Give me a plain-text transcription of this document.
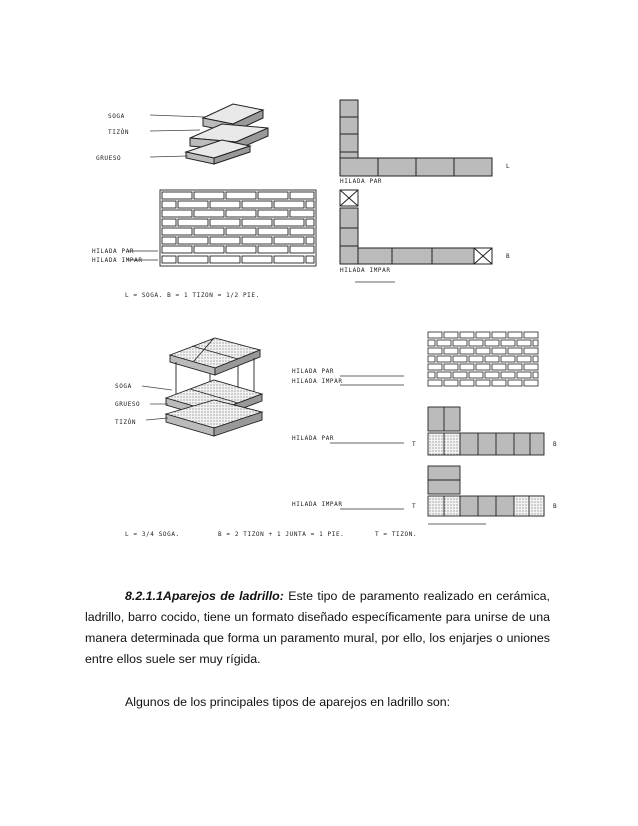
SOGA
TIZÓN
GRUESO
HILADA PAR
HILADA IMPAR
L = SOGA. B = 1 TIZON = 1/2 PIE.
HILADA PAR
L
HILADA IMPAR
B
SOGA
GRUESO
TIZÓN
HILADA PAR
HILADA IMPAR
HILADA PAR
HILADA IMPAR
T	B
T	B
L = 3/4 SOGA.	B = 2 TIZON + 1 JUNTA = 1 PIE.	T = TIZON.
8.2.1.1Aparejos de ladrillo: Este tipo de paramento realizado en cerámica, ladrillo, barro cocido, tiene un formato diseñado específicamente para unirse de una manera determinada que forma un paramento mural, por ello, los enjarjes o uniones entre ellos suele ser muy rígida.
Algunos de los principales tipos de aparejos en ladrillo son:
